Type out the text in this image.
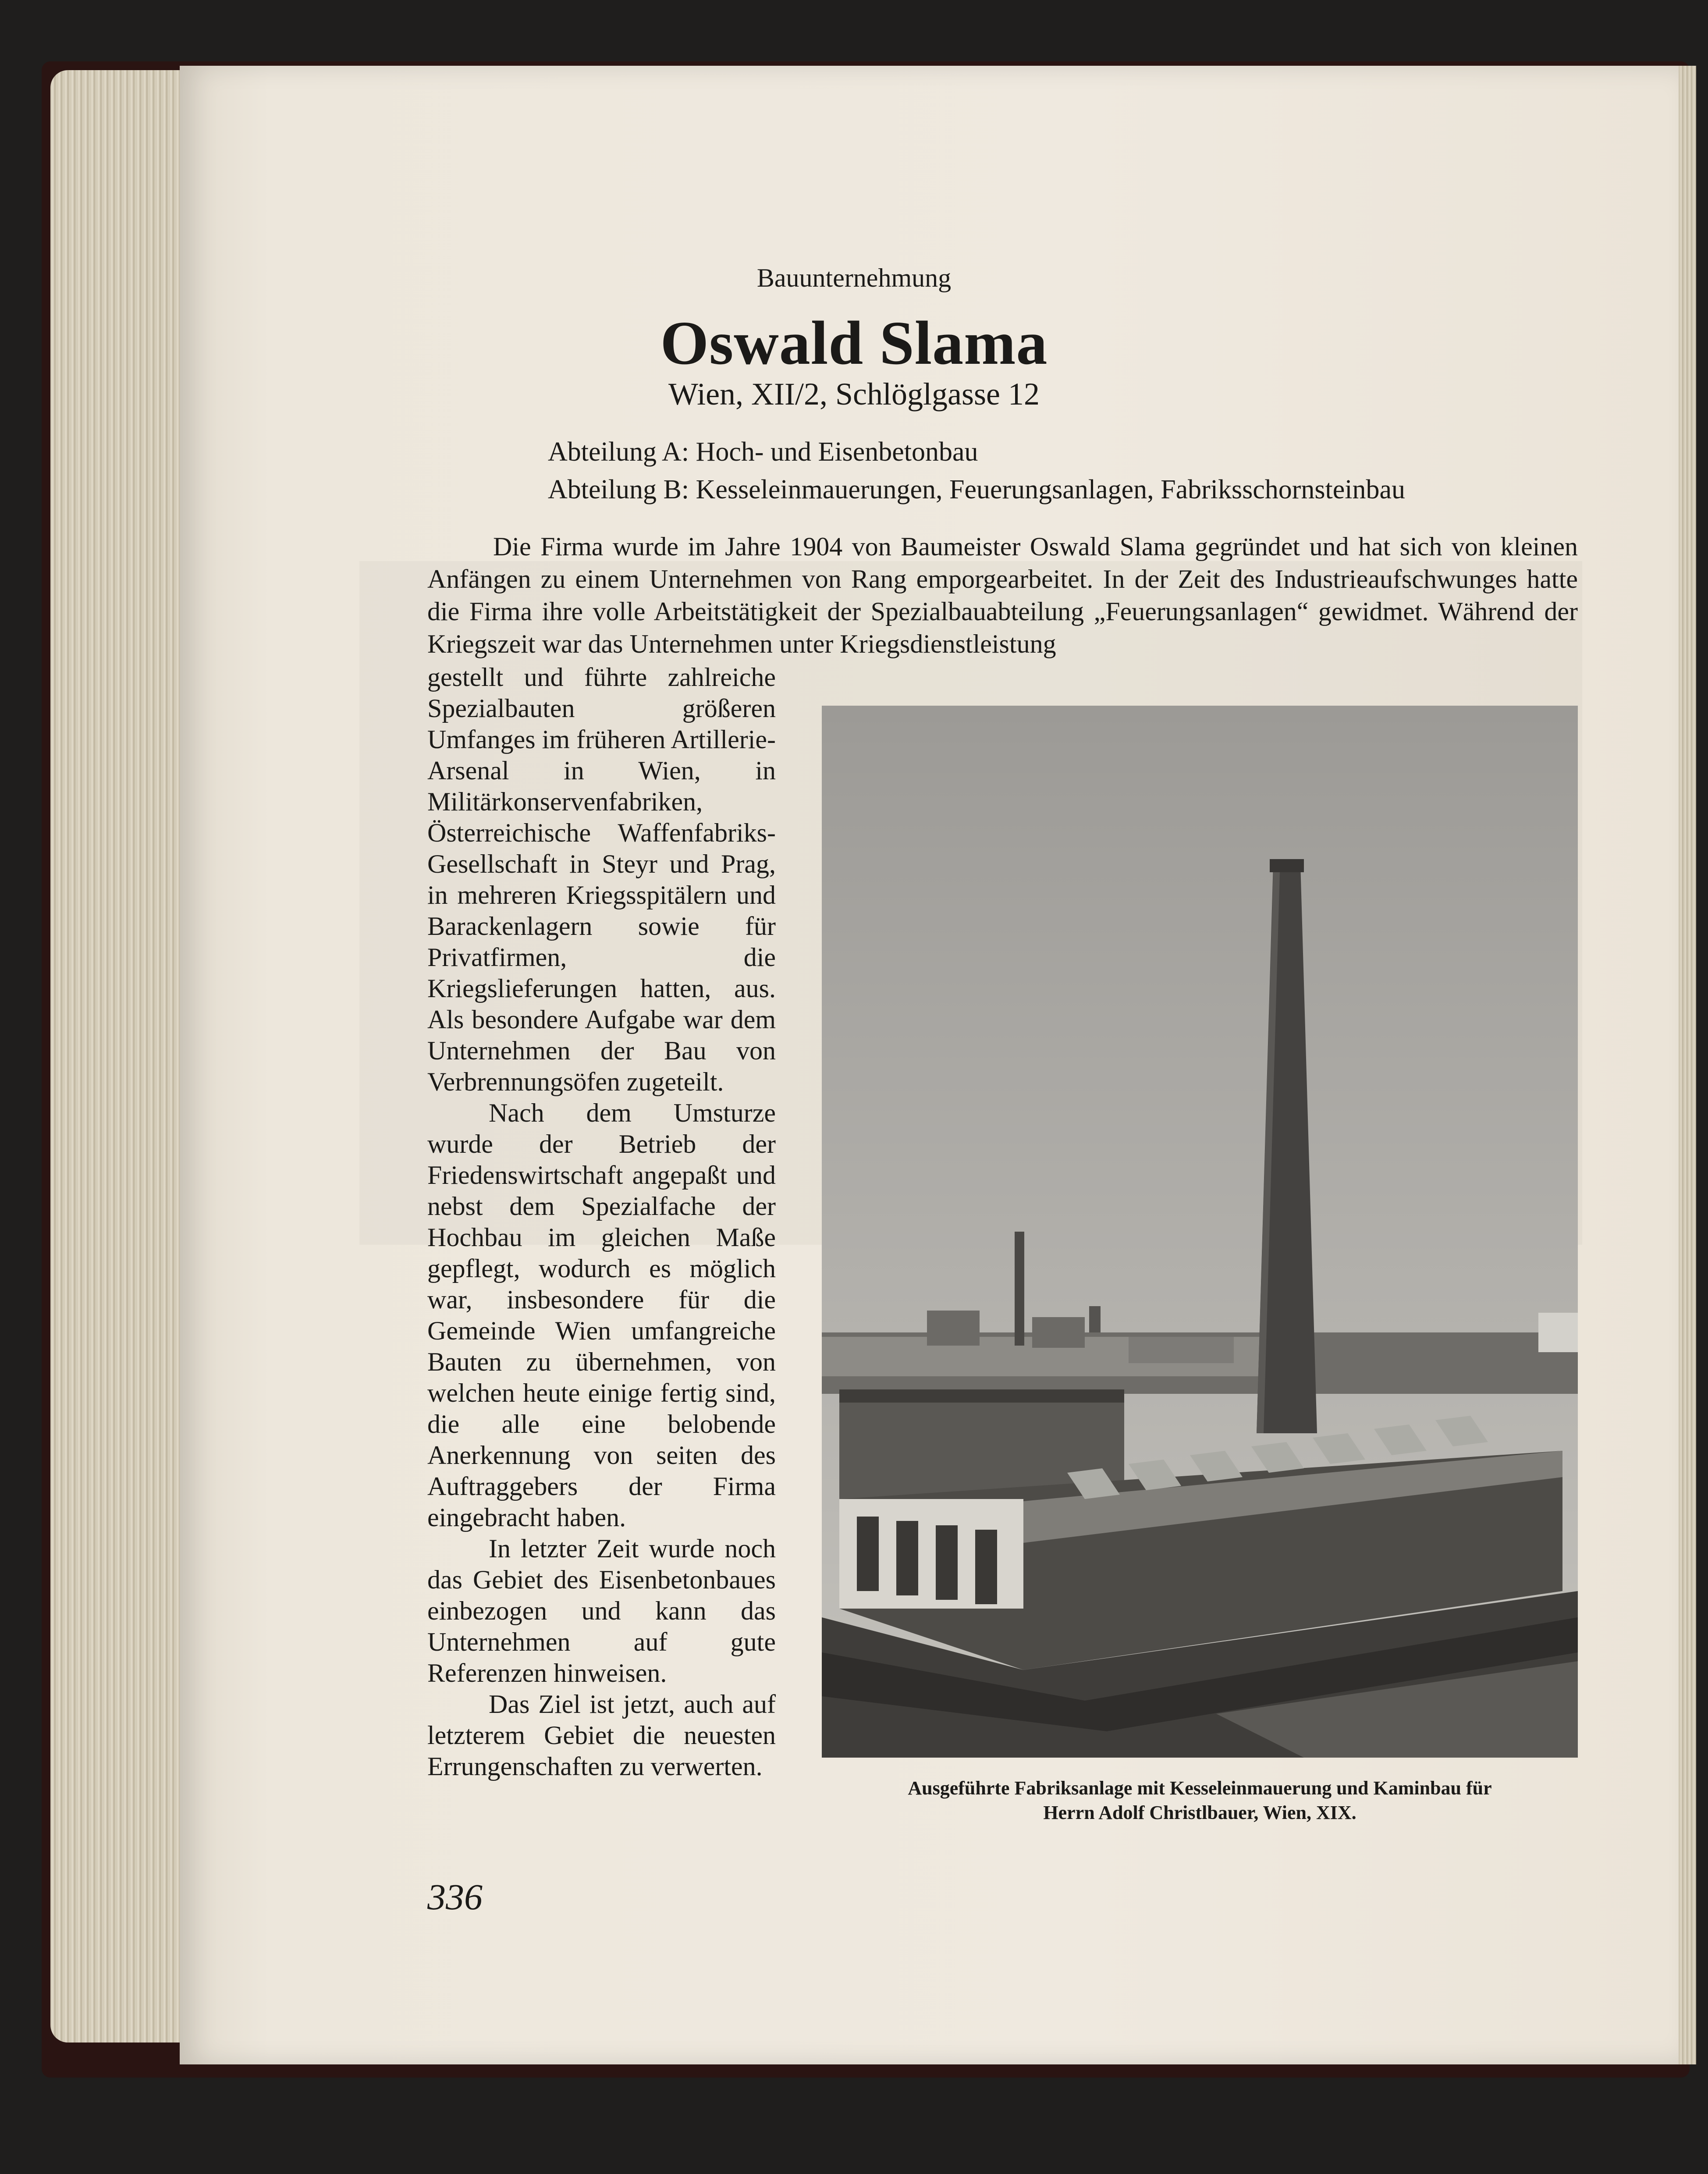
Bauunternehmung
Oswald Slama
Wien, XII/2, Schlöglgasse 12
Abteilung A: Hoch- und Eisenbetonbau
Abteilung B: Kesseleinmauerungen, Feuerungsanlagen, Fabriksschornsteinbau

Die Firma wurde im Jahre 1904 von Baumeister Oswald Slama gegründet und hat sich von kleinen Anfängen zu einem Unternehmen von Rang emporgearbeitet. In der Zeit des Industrieaufschwunges hatte die Firma ihre volle Arbeitstätigkeit der Spezialbauabteilung „Feuerungsanlagen“ gewidmet. Während der Kriegszeit war das Unternehmen unter Kriegsdienstleistung

gestellt und führte zahlreiche Spezialbauten größeren Umfanges im früheren Artillerie-Arsenal in Wien, in Militärkonservenfabriken, Österreichische Waffenfabriks-Gesellschaft in Steyr und Prag, in mehreren Kriegsspitälern und Barackenlagern sowie für Privatfirmen, die Kriegslieferungen hatten, aus. Als besondere Aufgabe war dem Unternehmen der Bau von Verbrennungsöfen zugeteilt.

Nach dem Umsturze wurde der Betrieb der Friedenswirtschaft angepaßt und nebst dem Spezialfache der Hochbau im gleichen Maße gepflegt, wodurch es möglich war, insbesondere für die Gemeinde Wien umfangreiche Bauten zu übernehmen, von welchen heute einige fertig sind, die alle eine belobende Anerkennung von seiten des Auftraggebers der Firma eingebracht haben.

In letzter Zeit wurde noch das Gebiet des Eisenbetonbaues einbezogen und kann das Unternehmen auf gute Referenzen hinweisen.

Das Ziel ist jetzt, auch auf letzterem Gebiet die neuesten Errungenschaften zu verwerten.

Ausgeführte Fabriksanlage mit Kesseleinmauerung und Kaminbau für
Herrn Adolf Christlbauer, Wien, XIX.
336
